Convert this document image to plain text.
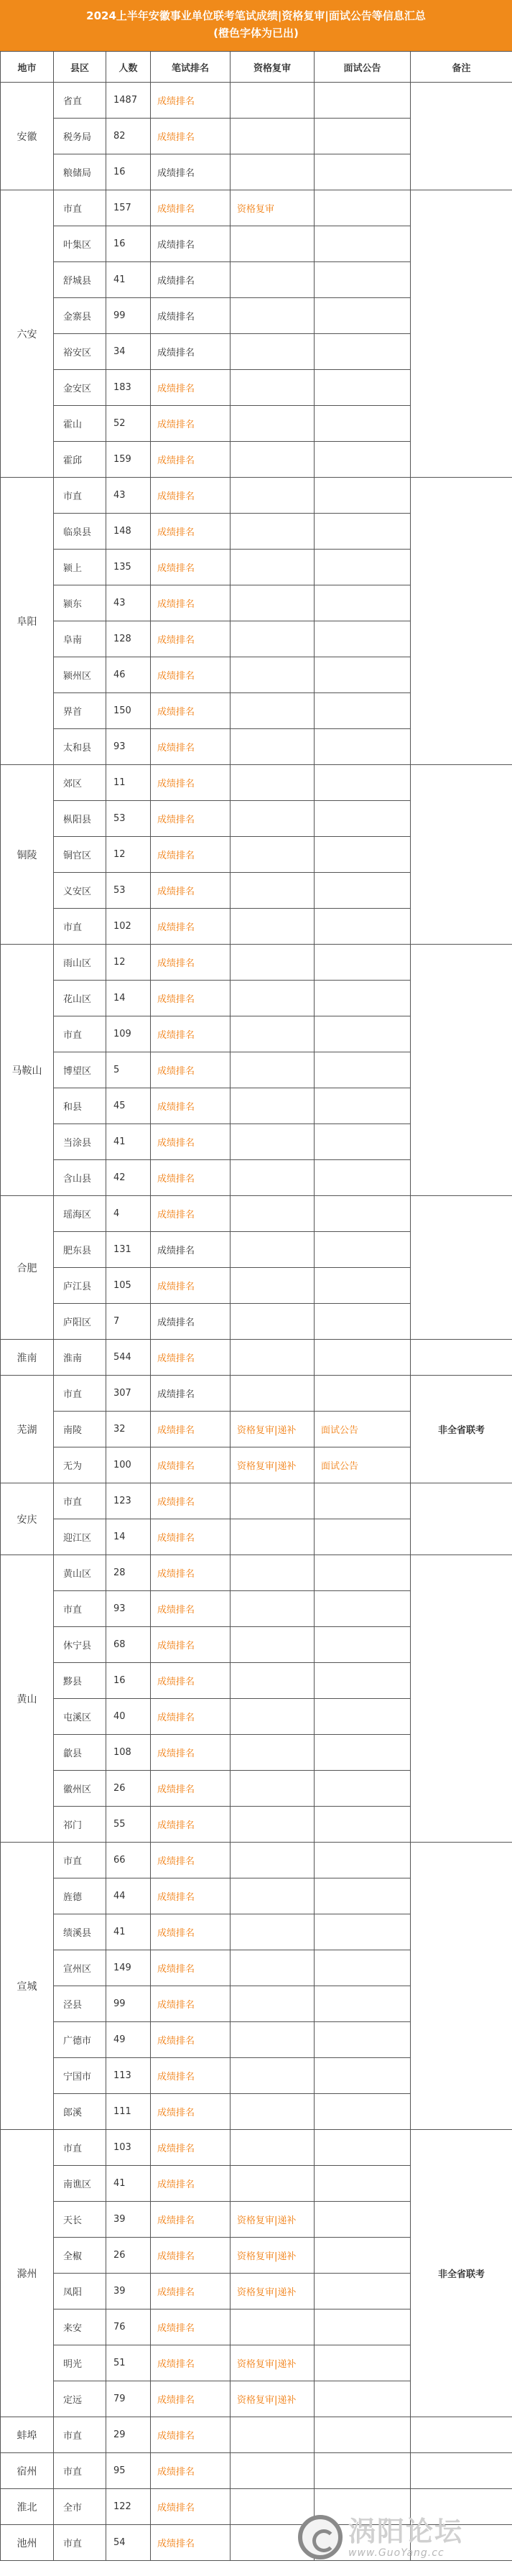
2024上半年安徽事业单位联考笔试成绩|资格复审|面试公告等信息汇总
(橙色字体为已出)
地市	县区	人数	笔试排名	资格复审	面试公告	备注
安徽	省直	1487	成绩排名			
	税务局	82	成绩排名			
	粮储局	16	成绩排名			
六安	市直	157	成绩排名	资格复审		
	叶集区	16	成绩排名			
	舒城县	41	成绩排名			
	金寨县	99	成绩排名			
	裕安区	34	成绩排名			
	金安区	183	成绩排名			
	霍山	52	成绩排名			
	霍邱	159	成绩排名			
阜阳	市直	43	成绩排名			
	临泉县	148	成绩排名			
	颍上	135	成绩排名			
	颍东	43	成绩排名			
	阜南	128	成绩排名			
	颍州区	46	成绩排名			
	界首	150	成绩排名			
	太和县	93	成绩排名			
铜陵	郊区	11	成绩排名			
	枞阳县	53	成绩排名			
	铜官区	12	成绩排名			
	义安区	53	成绩排名			
	市直	102	成绩排名			
马鞍山	雨山区	12	成绩排名			
	花山区	14	成绩排名			
	市直	109	成绩排名			
	博望区	5	成绩排名			
	和县	45	成绩排名			
	当涂县	41	成绩排名			
	含山县	42	成绩排名			
合肥	瑶海区	4	成绩排名			
	肥东县	131	成绩排名			
	庐江县	105	成绩排名			
	庐阳区	7	成绩排名			
淮南	淮南	544	成绩排名			
芜湖	市直	307	成绩排名			非全省联考
	南陵	32	成绩排名	资格复审|递补	面试公告	
	无为	100	成绩排名	资格复审|递补	面试公告	
安庆	市直	123	成绩排名			
	迎江区	14	成绩排名			
黄山	黄山区	28	成绩排名			
	市直	93	成绩排名			
	休宁县	68	成绩排名			
	黟县	16	成绩排名			
	屯溪区	40	成绩排名			
	歙县	108	成绩排名			
	徽州区	26	成绩排名			
	祁门	55	成绩排名			
宣城	市直	66	成绩排名			
	旌德	44	成绩排名			
	绩溪县	41	成绩排名			
	宣州区	149	成绩排名			
	泾县	99	成绩排名			
	广德市	49	成绩排名			
	宁国市	113	成绩排名			
	郎溪	111	成绩排名			
滁州	市直	103	成绩排名			非全省联考
	南谯区	41	成绩排名			
	天长	39	成绩排名	资格复审|递补		
	全椒	26	成绩排名	资格复审|递补		
	凤阳	39	成绩排名	资格复审|递补		
	来安	76	成绩排名			
	明光	51	成绩排名	资格复审|递补		
	定远	79	成绩排名	资格复审|递补		
蚌埠	市直	29	成绩排名			
宿州	市直	95	成绩排名			
淮北	全市	122	成绩排名			
池州	市直	54	成绩排名				涡阳论坛
www.GuoYang.cc
